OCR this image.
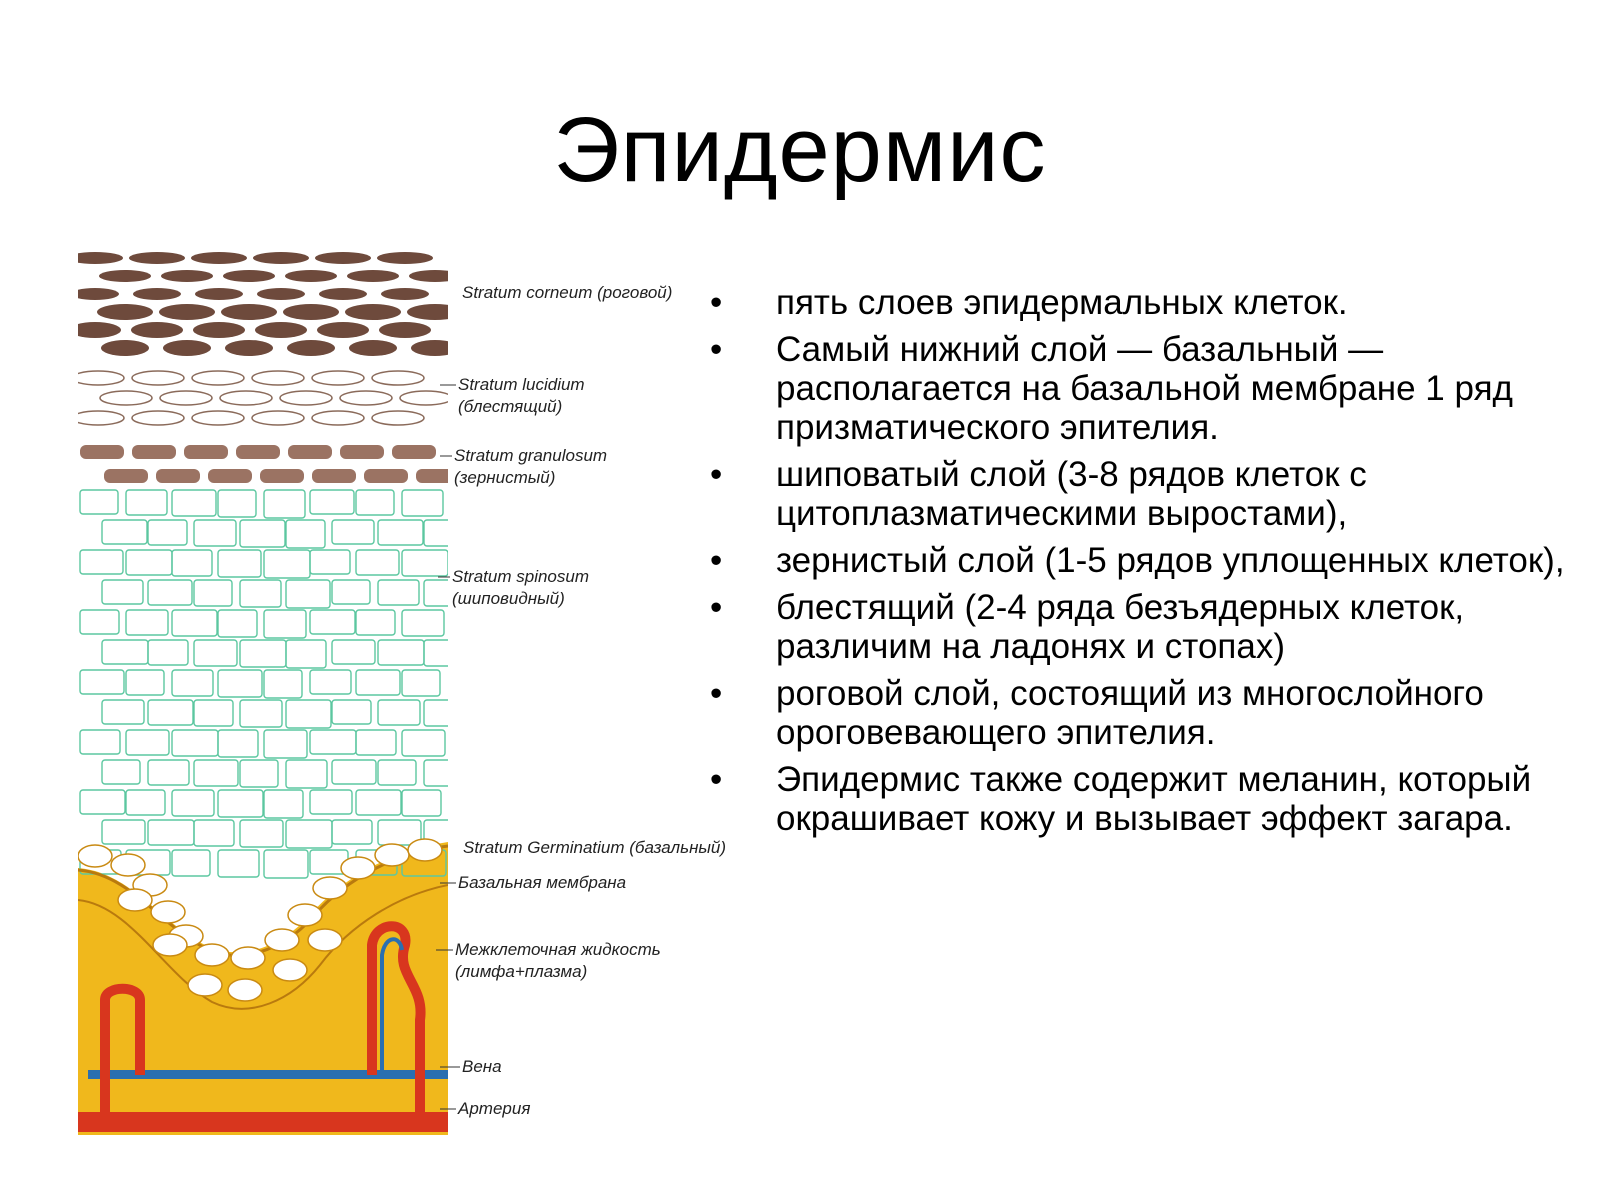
Эпидермис
Stratum corneum (роговой)
Stratum lucidium
(блестящий)
Stratum granulosum
(зернистый)
Stratum spinosum
(шиповидный)
Stratum Germinatium (базальный)
Базальная мембрана
Межклеточная жидкость
(лимфа+плазма)
Вена
Артерия
• пять слоев эпидермальных клеток.
• Самый нижний слой — базальный — располагается на базальной мембране 1 ряд призматического эпителия.
• шиповатый слой (3-8 рядов клеток с цитоплазматическими выростами),
• зернистый слой (1-5 рядов уплощенных клеток),
• блестящий (2-4 ряда безъядерных клеток, различим на ладонях и стопах)
• роговой слой, состоящий из многослойного ороговевающего эпителия.
• Эпидермис также содержит меланин, который окрашивает кожу и вызывает эффект загара.
